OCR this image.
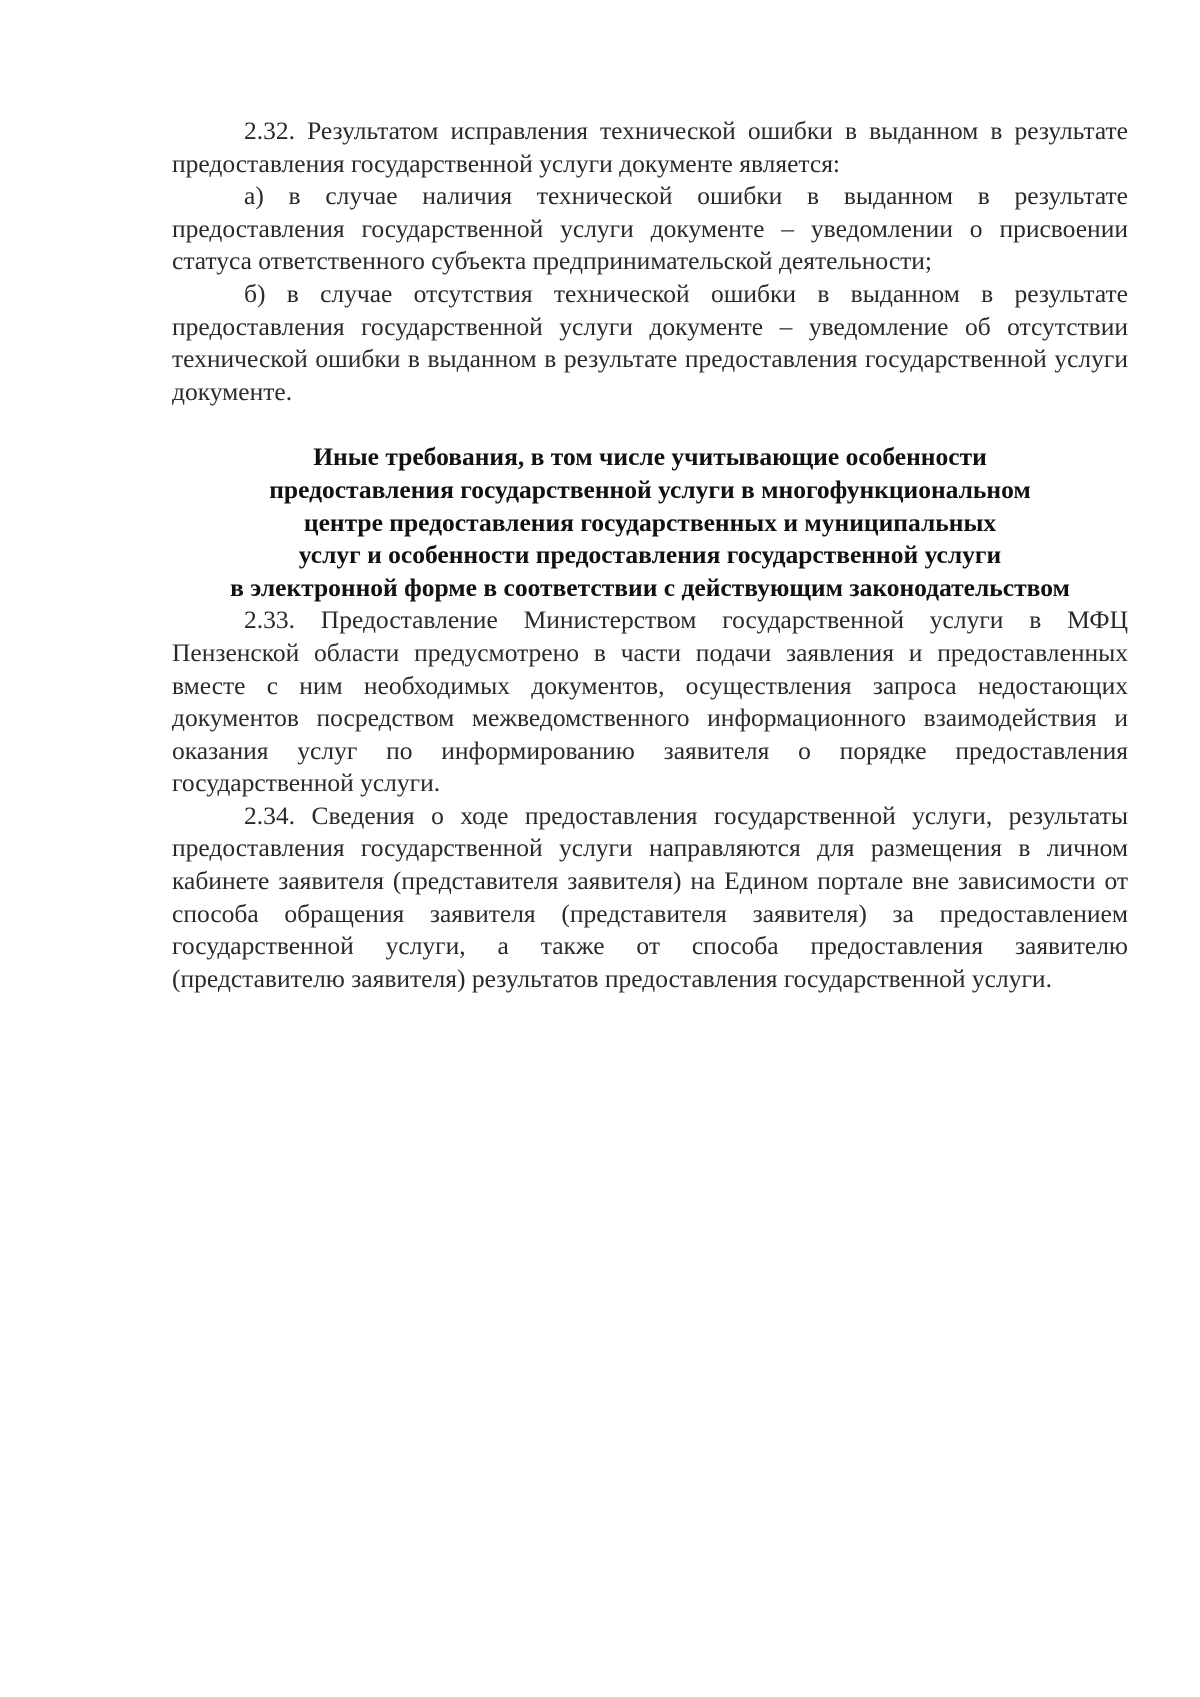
2.32. Результатом исправления технической ошибки в выданном в результате предоставления государственной услуги документе является:

а) в случае наличия технической ошибки в выданном в результате предоставления государственной услуги документе – уведомлении о присвоении статуса ответственного субъекта предпринимательской деятельности;

б) в случае отсутствия технической ошибки в выданном в результате предоставления государственной услуги документе – уведомление об отсутствии технической ошибки в выданном в результате предоставления государственной услуги документе.

Иные требования, в том числе учитывающие особенности
предоставления государственной услуги в многофункциональном
центре предоставления государственных и муниципальных
услуг и особенности предоставления государственной услуги
в электронной форме в соответствии с действующим законодательством

2.33. Предоставление Министерством государственной услуги в МФЦ Пензенской области предусмотрено в части подачи заявления и предоставленных вместе с ним необходимых документов, осуществления запроса недостающих документов посредством межведомственного информационного взаимодействия и оказания услуг по информированию заявителя о порядке предоставления государственной услуги.

2.34. Сведения о ходе предоставления государственной услуги, результаты предоставления государственной услуги направляются для размещения в личном кабинете заявителя (представителя заявителя) на Едином портале вне зависимости от способа обращения заявителя (представителя заявителя) за предоставлением государственной услуги, а также от способа предоставления заявителю (представителю заявителя) результатов предоставления государственной услуги.
